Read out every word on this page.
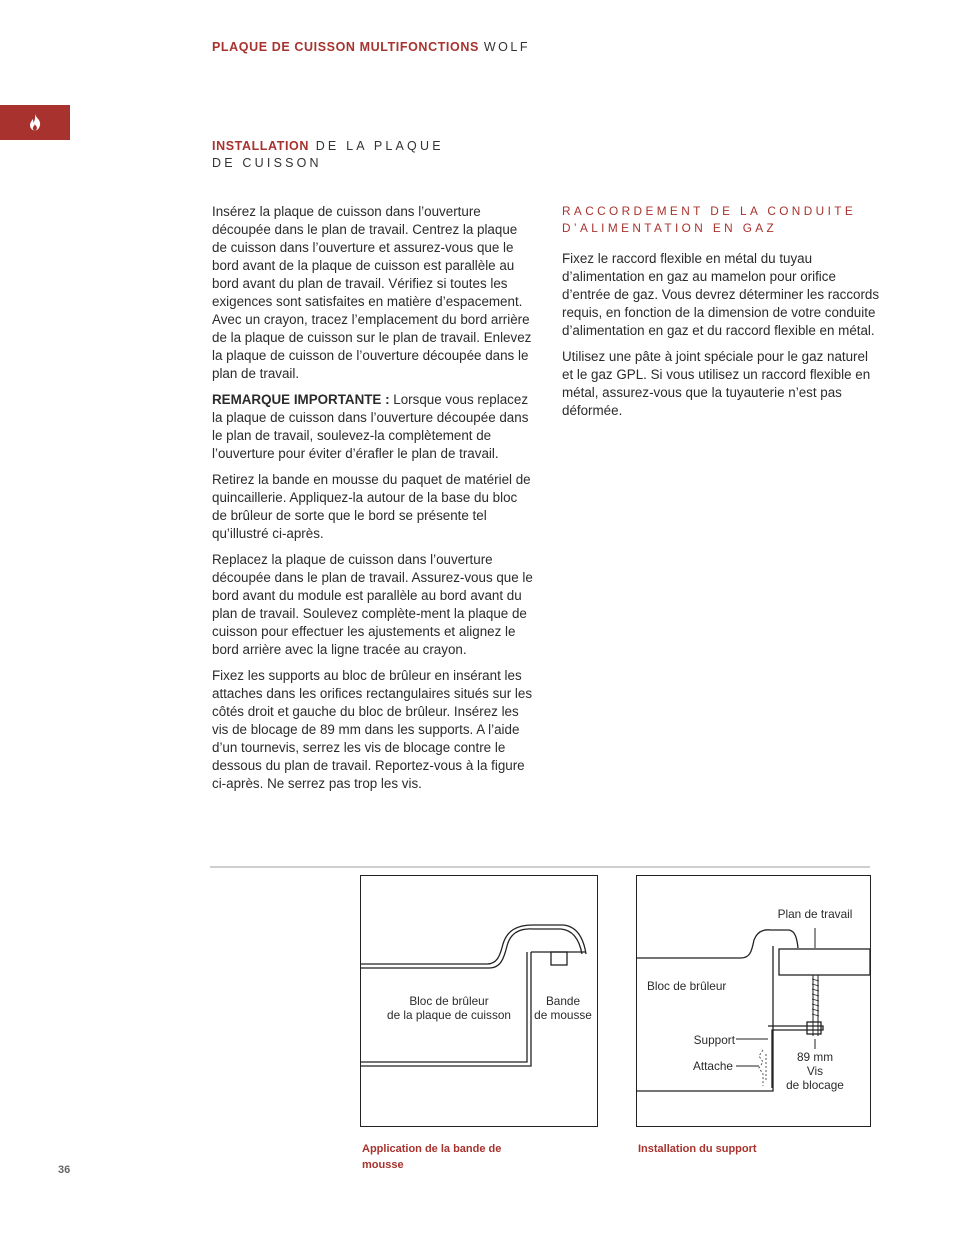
PLAQUE DE CUISSON MULTIFONCTIONS WOLF
INSTALLATION DE LA PLAQUE
DE CUISSON

Insérez la plaque de cuisson dans l’ouverture découpée dans le plan de travail. Centrez la plaque de cuisson dans l’ouverture et assurez-vous que le bord avant de la plaque de cuisson est parallèle au bord avant du plan de travail. Vérifiez si toutes les exigences sont satisfaites en matière d’espacement. Avec un crayon, tracez l’emplacement du bord arrière de la plaque de cuisson sur le plan de travail. Enlevez la plaque de cuisson de l’ouverture découpée dans le plan de travail.

REMARQUE IMPORTANTE : Lorsque vous replacez la plaque de cuisson dans l’ouverture découpée dans le plan de travail, soulevez-la complètement de l’ouverture pour éviter d’érafler le plan de travail.

Retirez la bande en mousse du paquet de matériel de quincaillerie. Appliquez-la autour de la base du bloc de brûleur de sorte que le bord se présente tel qu’illustré ci-après.

Replacez la plaque de cuisson dans l’ouverture découpée dans le plan de travail. Assurez-vous que le bord avant du module est parallèle au bord avant du plan de travail. Soulevez complète-ment la plaque de cuisson pour effectuer les ajustements et alignez le bord arrière avec la ligne tracée au crayon.

Fixez les supports au bloc de brûleur en insérant les attaches dans les orifices rectangulaires situés sur les côtés droit et gauche du bloc de brûleur. Insérez les vis de blocage de 89 mm dans les supports. A l’aide d’un tournevis, serrez les vis de blocage contre le dessous du plan de travail. Reportez-vous à la figure ci-après. Ne serrez pas trop les vis.

RACCORDEMENT DE LA CONDUITE
D’ALIMENTATION EN GAZ

Fixez le raccord flexible en métal du tuyau d’alimentation en gaz au mamelon pour orifice d’entrée de gaz. Vous devrez déterminer les raccords requis, en fonction de la dimension de votre conduite d’alimentation en gaz et du raccord flexible en métal.

Utilisez une pâte à joint spéciale pour le gaz naturel et le gaz GPL. Si vous utilisez un raccord flexible en métal, assurez-vous que la tuyauterie n’est pas déformée.

Bloc de brûleur
de la plaque de cuisson
Bande
de mousse
Plan de travail
Bloc de brûleur
Support
Attache
89 mm
Vis
de blocage
Application de la bande de
mousse
Installation du support
36
